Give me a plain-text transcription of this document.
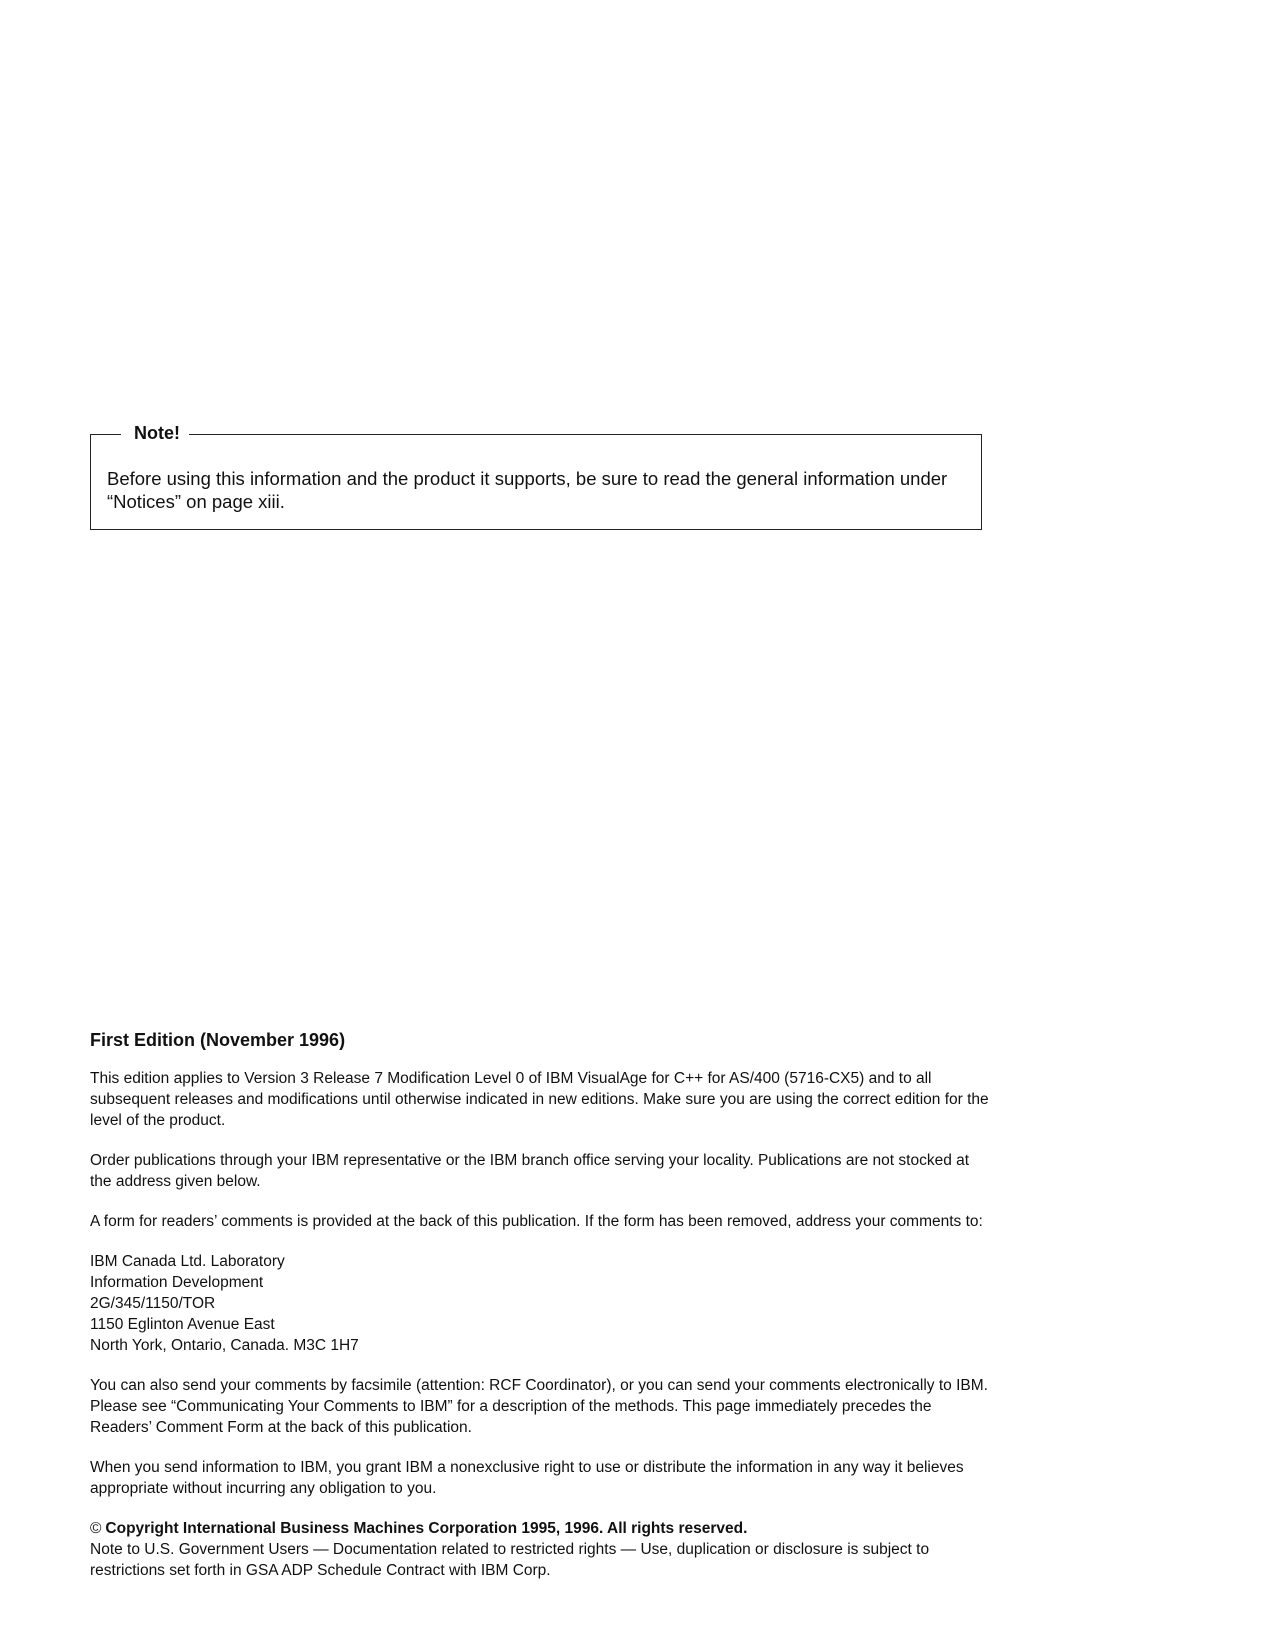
Note!

Before using this information and the product it supports, be sure to read the general information under “Notices” on page xiii.

First Edition (November 1996)

This edition applies to Version 3 Release 7 Modification Level 0 of IBM VisualAge for C++ for AS/400 (5716-CX5) and to all subsequent releases and modifications until otherwise indicated in new editions. Make sure you are using the correct edition for the level of the product.

Order publications through your IBM representative or the IBM branch office serving your locality. Publications are not stocked at the address given below.

A form for readers’ comments is provided at the back of this publication. If the form has been removed, address your comments to:

IBM Canada Ltd. Laboratory
Information Development
2G/345/1150/TOR
1150 Eglinton Avenue East
North York, Ontario, Canada. M3C 1H7

You can also send your comments by facsimile (attention: RCF Coordinator), or you can send your comments electronically to IBM. Please see “Communicating Your Comments to IBM” for a description of the methods. This page immediately precedes the Readers’ Comment Form at the back of this publication.

When you send information to IBM, you grant IBM a nonexclusive right to use or distribute the information in any way it believes appropriate without incurring any obligation to you.

© Copyright International Business Machines Corporation 1995, 1996. All rights reserved.
Note to U.S. Government Users — Documentation related to restricted rights — Use, duplication or disclosure is subject to restrictions set forth in GSA ADP Schedule Contract with IBM Corp.
